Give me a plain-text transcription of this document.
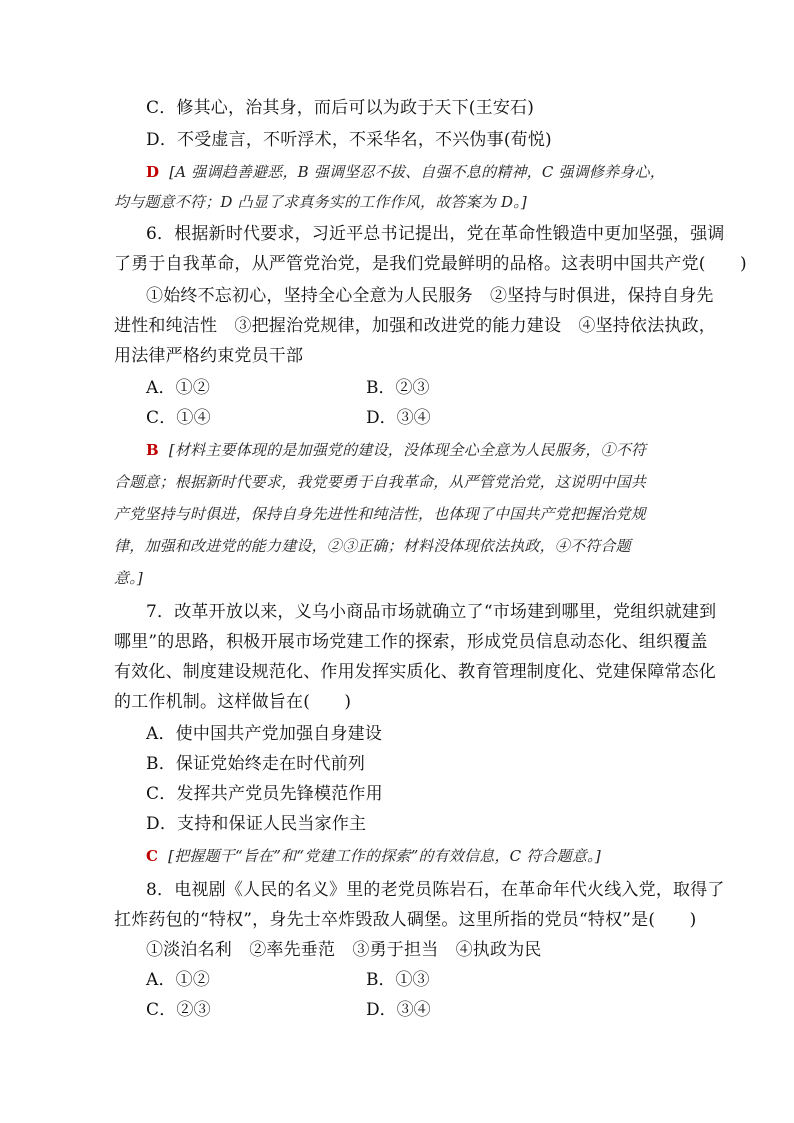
C．修其心，治其身，而后可以为政于天下(王安石)
D．不受虚言，不听浮术，不采华名，不兴伪事(荀悦)
D [A 强调趋善避恶，B 强调坚忍不拔、自强不息的精神，C 强调修养身心，
均与题意不符；D 凸显了求真务实的工作作风，故答案为 D。]
6．根据新时代要求，习近平总书记提出，党在革命性锻造中更加坚强，强调
了勇于自我革命，从严管党治党，是我们党最鲜明的品格。这表明中国共产党(　　)
①始终不忘初心，坚持全心全意为人民服务　②坚持与时俱进，保持自身先
进性和纯洁性　③把握治党规律，加强和改进党的能力建设　④坚持依法执政，
用法律严格约束党员干部
A．①②	B．②③
C．①④	D．③④
B [材料主要体现的是加强党的建设，没体现全心全意为人民服务，①不符
合题意；根据新时代要求，我党要勇于自我革命，从严管党治党，这说明中国共
产党坚持与时俱进，保持自身先进性和纯洁性，也体现了中国共产党把握治党规
律，加强和改进党的能力建设，②③正确；材料没体现依法执政，④不符合题
意。]
7．改革开放以来，义乌小商品市场就确立了“市场建到哪里，党组织就建到
哪里”的思路，积极开展市场党建工作的探索，形成党员信息动态化、组织覆盖
有效化、制度建设规范化、作用发挥实质化、教育管理制度化、党建保障常态化
的工作机制。这样做旨在(　　)
A．使中国共产党加强自身建设
B．保证党始终走在时代前列
C．发挥共产党员先锋模范作用
D．支持和保证人民当家作主
C [把握题干“旨在”和“党建工作的探索”的有效信息，C 符合题意。]
8．电视剧《人民的名义》里的老党员陈岩石，在革命年代火线入党，取得了
扛炸药包的“特权”，身先士卒炸毁敌人碉堡。这里所指的党员“特权”是(　　)
①淡泊名利　②率先垂范　③勇于担当　④执政为民
A．①②	B．①③
C．②③	D．③④
